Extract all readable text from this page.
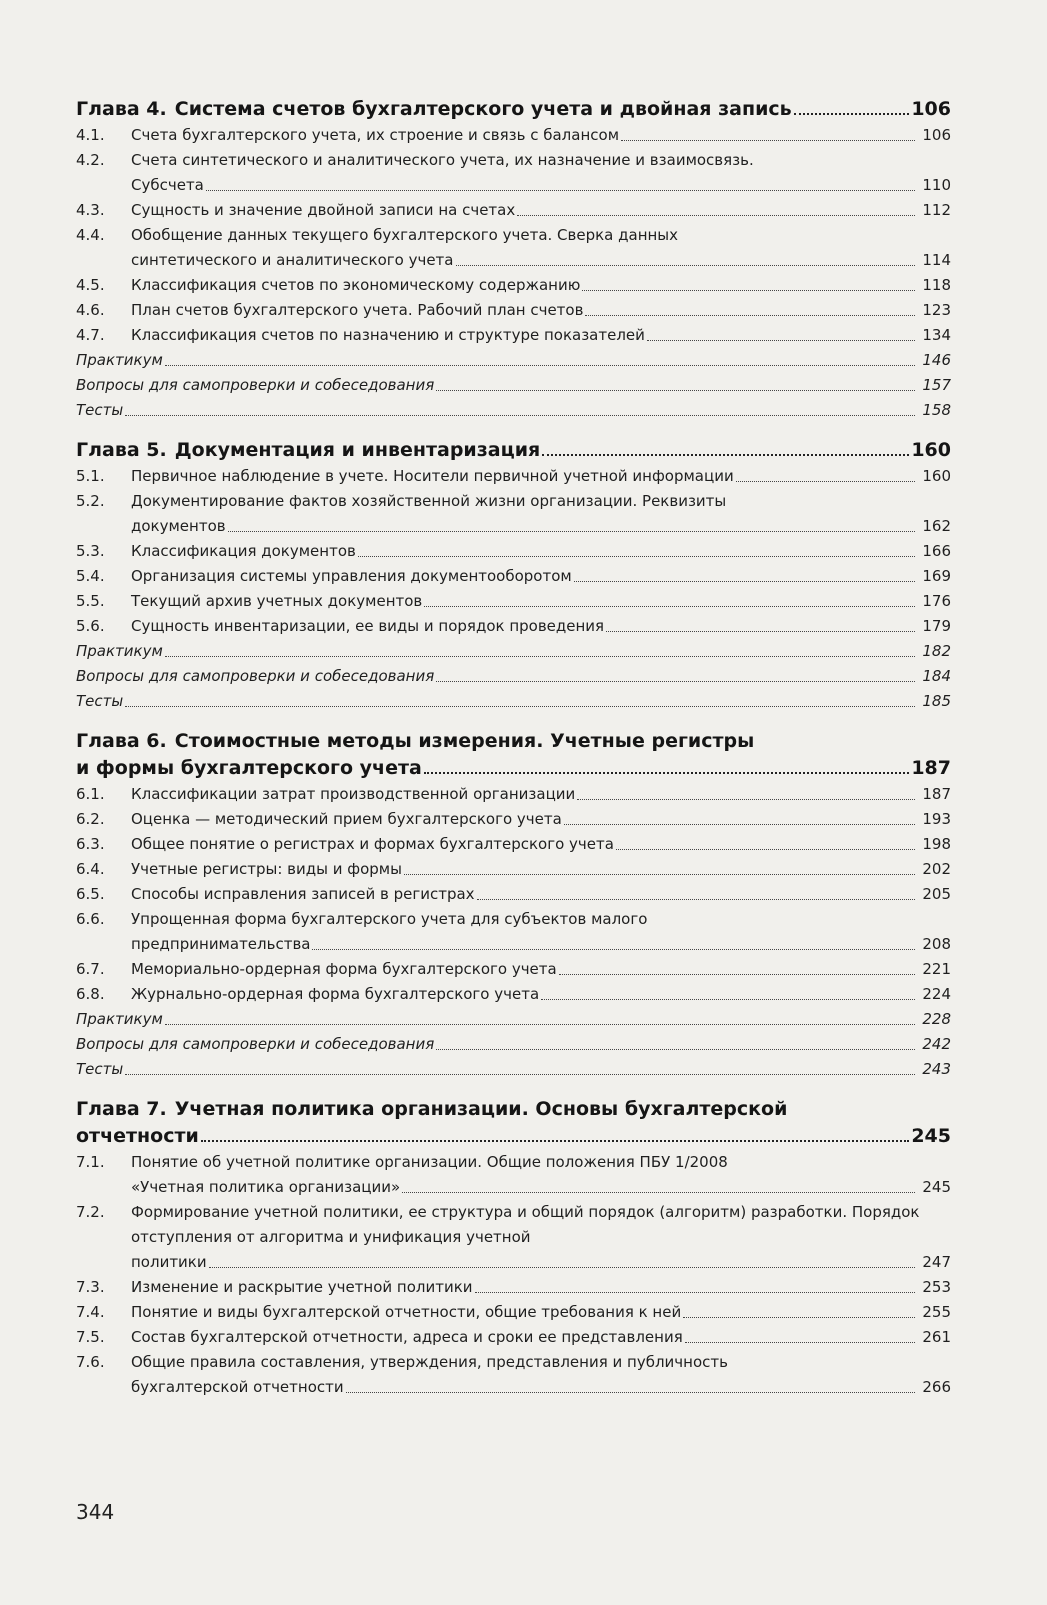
Глава 4. Система счетов бухгалтерского учета и двойная запись	106
4.1.	Счета бухгалтерского учета, их строение и связь с балансом	106
4.2.	Счета синтетического и аналитического учета, их назначение и взаимосвязь.
Субсчета	110
4.3.	Сущность и значение двойной записи на счетах	112
4.4.	Обобщение данных текущего бухгалтерского учета. Сверка данных
синтетического и аналитического учета	114
4.5.	Классификация счетов по экономическому содержанию	118
4.6.	План счетов бухгалтерского учета. Рабочий план счетов	123
4.7.	Классификация счетов по назначению и структуре показателей	134
Практикум	146
Вопросы для самопроверки и собеседования	157
Тесты	158
Глава 5. Документация и инвентаризация	160
5.1.	Первичное наблюдение в учете. Носители первичной учетной информации	160
5.2.	Документирование фактов хозяйственной жизни организации. Реквизиты
документов	162
5.3.	Классификация документов	166
5.4.	Организация системы управления документооборотом	169
5.5.	Текущий архив учетных документов	176
5.6.	Сущность инвентаризации, ее виды и порядок проведения	179
Практикум	182
Вопросы для самопроверки и собеседования	184
Тесты	185
Глава 6. Стоимостные методы измерения. Учетные регистры
и формы бухгалтерского учета	187
6.1.	Классификации затрат производственной организации	187
6.2.	Оценка — методический прием бухгалтерского учета	193
6.3.	Общее понятие о регистрах и формах бухгалтерского учета	198
6.4.	Учетные регистры: виды и формы	202
6.5.	Способы исправления записей в регистрах	205
6.6.	Упрощенная форма бухгалтерского учета для субъектов малого
предпринимательства	208
6.7.	Мемориально-ордерная форма бухгалтерского учета	221
6.8.	Журнально-ордерная форма бухгалтерского учета	224
Практикум	228
Вопросы для самопроверки и собеседования	242
Тесты	243
Глава 7. Учетная политика организации. Основы бухгалтерской
отчетности	245
7.1.	Понятие об учетной политике организации. Общие положения ПБУ 1/2008
«Учетная политика организации»	245
7.2.	Формирование учетной политики, ее структура и общий порядок (алгоритм) разработки. Порядок отступления от алгоритма и унификация учетной
политики	247
7.3.	Изменение и раскрытие учетной политики	253
7.4.	Понятие и виды бухгалтерской отчетности, общие требования к ней	255
7.5.	Состав бухгалтерской отчетности, адреса и сроки ее представления	261
7.6.	Общие правила составления, утверждения, представления и публичность
бухгалтерской отчетности	266
344
